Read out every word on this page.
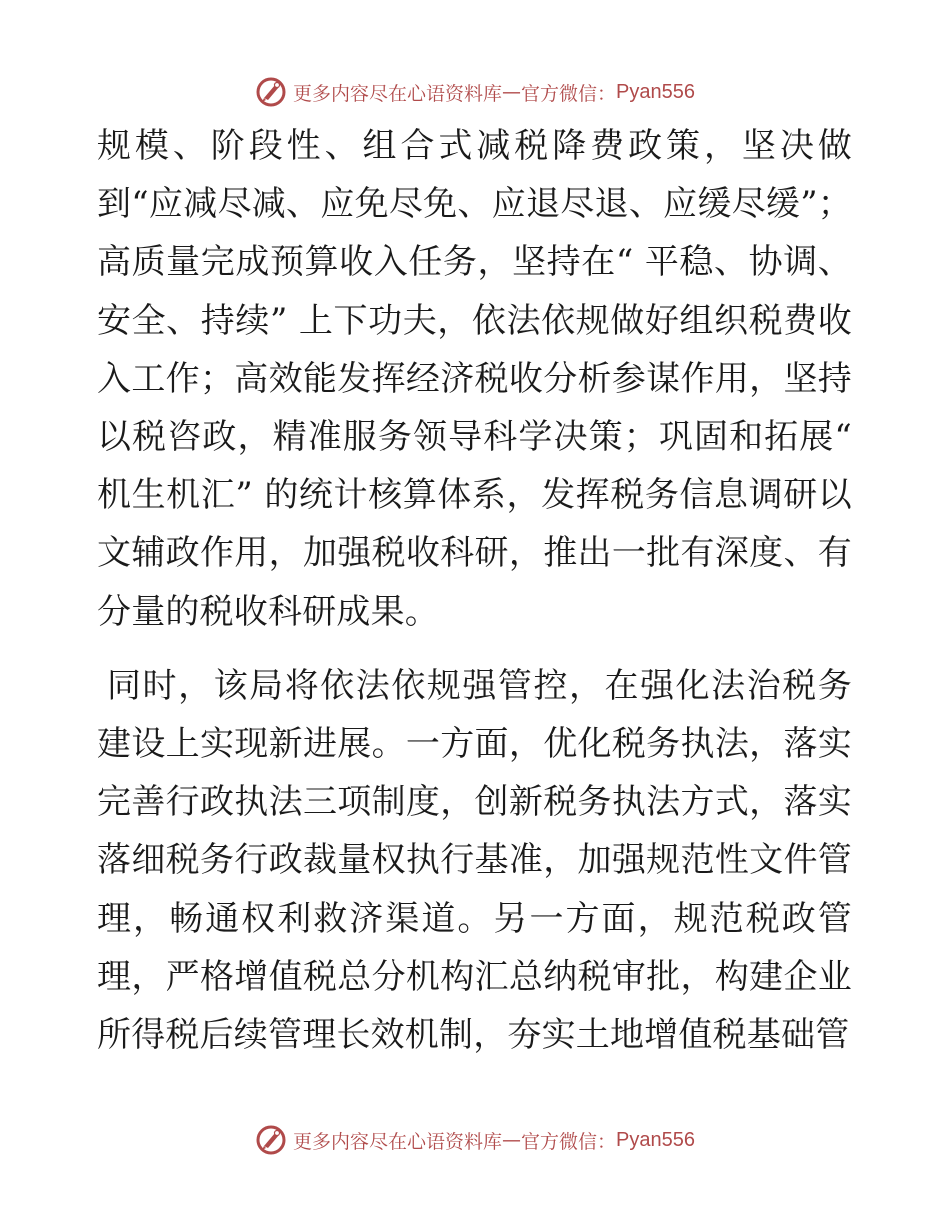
更多内容尽在心语资料库 — 官方微信： Pyan556

规模、阶段性、组合式减税降费政策，坚决做到“应减尽减、应免尽免、应退尽退、应缓尽缓”；高质量完成预算收入任务，坚持在“ 平稳、协调、安全、持续” 上下功夫，依法依规做好组织税费收入工作；高效能发挥经济税收分析参谋作用，坚持以税咨政，精准服务领导科学决策；巩固和拓展“ 机生机汇” 的统计核算体系，发挥税务信息调研以文辅政作用，加强税收科研，推出一批有深度、有分量的税收科研成果。

同时，该局将依法依规强管控，在强化法治税务建设上实现新进展。一方面，优化税务执法，落实完善行政执法三项制度，创新税务执法方式，落实落细税务行政裁量权执行基准，加强规范性文件管理，畅通权利救济渠道。另一方面，规范税政管理，严格增值税总分机构汇总纳税审批，构建企业所得税后续管理长效机制，夯实土地增值税基础管

更多内容尽在心语资料库 — 官方微信： Pyan556
